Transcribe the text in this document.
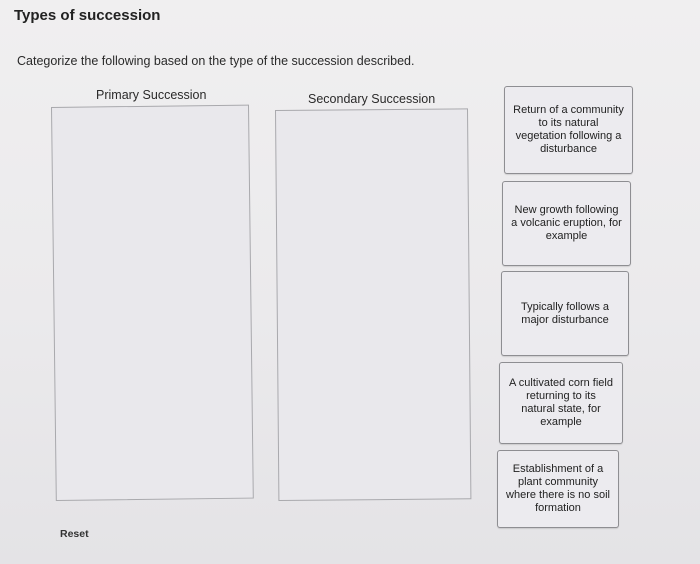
Types of succession
Categorize the following based on the type of the succession described.
Primary Succession	Secondary Succession
Return of a community to its natural vegetation following a disturbance
New growth following a volcanic eruption, for example
Typically follows a major disturbance
A cultivated corn field returning to its natural state, for example
Establishment of a plant community where there is no soil formation
Reset
